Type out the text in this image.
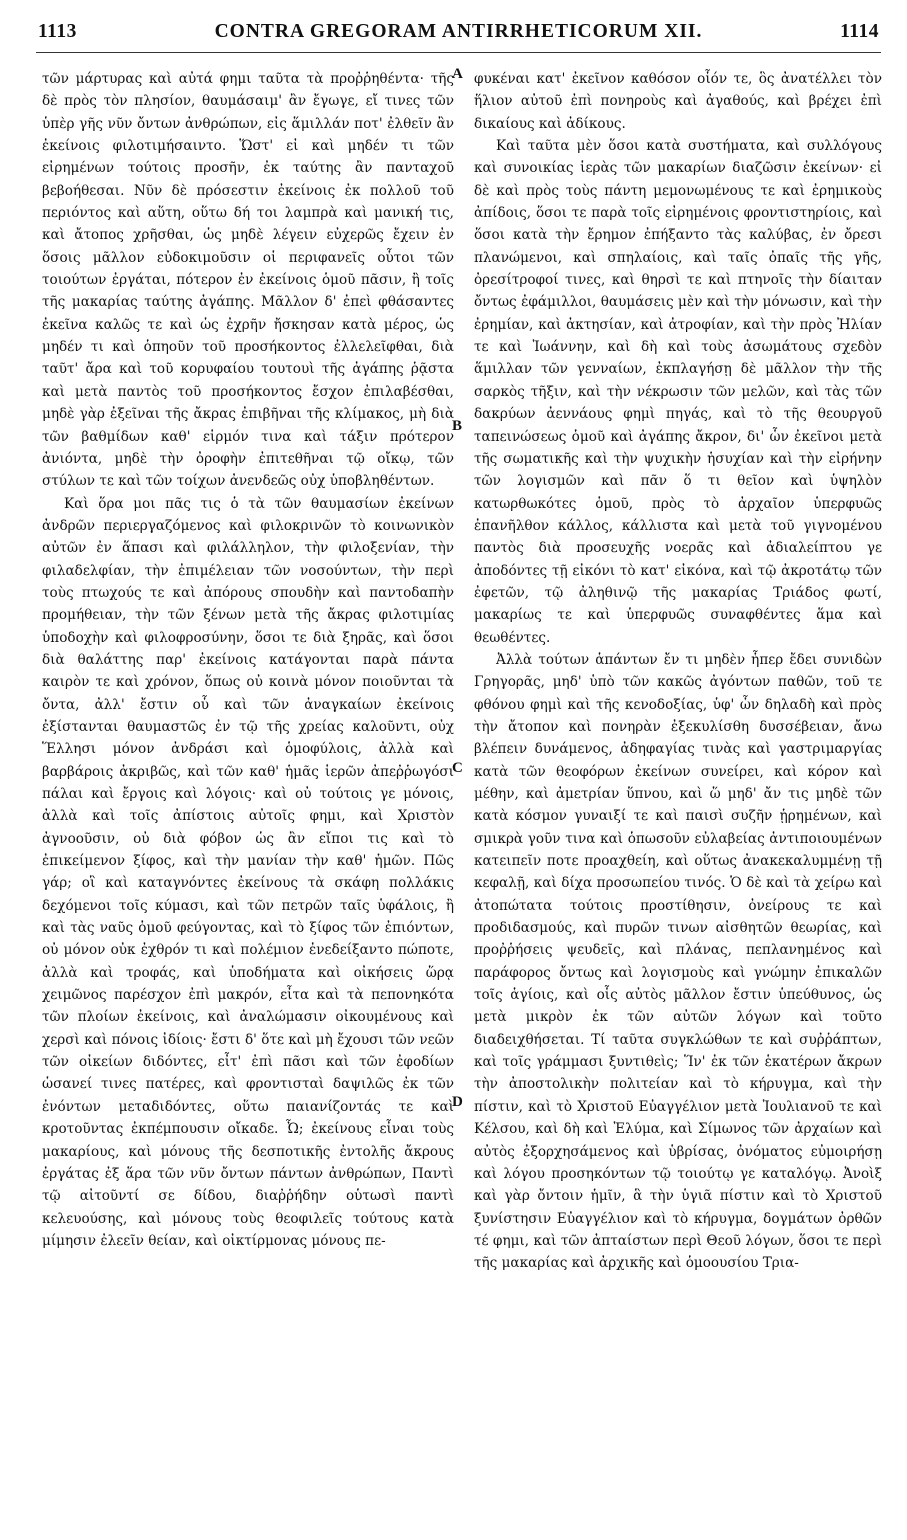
1113	CONTRA GREGORAM ANTIRRHETICORUM XII.	1114

τῶν μάρτυρας καὶ αὐτά φημι ταῦτα τὰ προῤῥηθέντα· τῆς δὲ πρὸς τὸν πλησίον, θαυμάσαιμ' ἂν ἔγωγε, εἴ τινες τῶν ὑπὲρ γῆς νῦν ὄντων ἀνθρώπων, εἰς ἅμιλλάν ποτ' ἐλθεῖν ἂν ἐκείνοις φιλοτιμήσαιντο. Ὥστ' εἰ καὶ μηδέν τι τῶν εἰρημένων τούτοις προσῆν, ἐκ ταύτης ἂν πανταχοῦ βεβοήθεσαι. Νῦν δὲ πρόσεστιν ἐκείνοις ἐκ πολλοῦ τοῦ περιόντος καὶ αὕτη, οὕτω δή τοι λαμπρὰ καὶ μανική τις, καὶ ἄτοπος χρῆσθαι, ὡς μηδὲ λέγειν εὐχερῶς ἔχειν ἐν ὅσοις μᾶλλον εὐδοκιμοῦσιν οἱ περιφανεῖς οὗτοι τῶν τοιούτων ἐργάται, πότερον ἐν ἐκείνοις ὁμοῦ πᾶσιν, ἢ τοῖς τῆς μακαρίας ταύτης ἀγάπης. Μᾶλλον δ' ἐπεὶ φθάσαντες ἐκεῖνα καλῶς τε καὶ ὡς ἐχρῆν ἤσκησαν κατὰ μέρος, ὡς μηδέν τι καὶ ὁπηοῦν τοῦ προσήκοντος ἐλλελεῖφθαι, διὰ ταῦτ' ἄρα καὶ τοῦ κορυφαίου τουτουὶ τῆς ἀγάπης ῥᾷστα καὶ μετὰ παντὸς τοῦ προσήκοντος ἔσχον ἐπιλαβέσθαι, μηδὲ γὰρ ἐξεῖναι τῆς ἄκρας ἐπιβῆναι τῆς κλίμακος, μὴ διὰ τῶν βαθμίδων καθ' εἱρμόν τινα καὶ τάξιν πρότερον ἀνιόντα, μηδὲ τὴν ὀροφὴν ἐπιτεθῆναι τῷ οἴκῳ, τῶν στύλων τε καὶ τῶν τοίχων ἀνενδεῶς οὐχ ὑποβληθέντων.

Καὶ ὅρα μοι πᾶς τις ὁ τὰ τῶν θαυμασίων ἐκείνων ἀνδρῶν περιεργαζόμενος καὶ φιλοκρινῶν τὸ κοινωνικὸν αὐτῶν ἐν ἅπασι καὶ φιλάλληλον, τὴν φιλοξενίαν, τὴν φιλαδελφίαν, τὴν ἐπιμέλειαν τῶν νοσούντων, τὴν περὶ τοὺς πτωχούς τε καὶ ἀπόρους σπουδὴν καὶ παντοδαπὴν προμήθειαν, τὴν τῶν ξένων μετὰ τῆς ἄκρας φιλοτιμίας ὑποδοχὴν καὶ φιλοφροσύνην, ὅσοι τε διὰ ξηρᾶς, καὶ ὅσοι διὰ θαλάττης παρ' ἐκείνοις κατάγονται παρὰ πάντα καιρὸν τε καὶ χρόνον, ὅπως οὐ κοινὰ μόνον ποιοῦνται τὰ ὄντα, ἀλλ' ἔστιν οὗ καὶ τῶν ἀναγκαίων ἐκείνοις ἐξίστανται θαυμαστῶς ἐν τῷ τῆς χρείας καλοῦντι, οὐχ Ἕλλησι μόνον ἀνδράσι καὶ ὁμοφύλοις, ἀλλὰ καὶ βαρβάροις ἀκριβῶς, καὶ τῶν καθ' ἡμᾶς ἱερῶν ἀπεῤῥωγόσι πάλαι καὶ ἔργοις καὶ λόγοις· καὶ οὐ τούτοις γε μόνοις, ἀλλὰ καὶ τοῖς ἀπίστοις αὐτοῖς φημι, καὶ Χριστὸν ἀγνοοῦσιν, οὐ διὰ φόβον ὡς ἂν εἴποι τις καὶ τὸ ἐπικείμενον ξίφος, καὶ τὴν μανίαν τὴν καθ' ἡμῶν. Πῶς γάρ; οἳ καὶ καταγνόντες ἐκείνους τὰ σκάφη πολλάκις δεχόμενοι τοῖς κύμασι, καὶ τῶν πετρῶν ταῖς ὑφάλοις, ἢ καὶ τὰς ναῦς ὁμοῦ φεύγοντας, καὶ τὸ ξίφος τῶν ἐπιόντων, οὐ μόνον οὐκ ἐχθρόν τι καὶ πολέμιον ἐνεδείξαντο πώποτε, ἀλλὰ καὶ τροφάς, καὶ ὑποδήματα καὶ οἰκήσεις ὥρᾳ χειμῶνος παρέσχον ἐπὶ μακρόν, εἶτα καὶ τὰ πεπονηκότα τῶν πλοίων ἐκείνοις, καὶ ἀναλώμασιν οἰκουμένους καὶ χερσὶ καὶ πόνοις ἰδίοις· ἔστι δ' ὅτε καὶ μὴ ἔχουσι τῶν νεῶν τῶν οἰκείων διδόντες, εἶτ' ἐπὶ πᾶσι καὶ τῶν ἐφοδίων ὡσανεί τινες πατέρες, καὶ φροντισταὶ δαψιλῶς ἐκ τῶν ἐνόντων μεταδιδόντες, οὕτω παιανίζοντάς τε καὶ κροτοῦντας ἐκπέμπουσιν οἴκαδε. Ὦ; ἐκείνους εἶναι τοὺς μακαρίους, καὶ μόνους τῆς δεσποτικῆς ἐντολῆς ἄκρους ἐργάτας ἐξ ἅρα τῶν νῦν ὄντων πάντων ἀνθρώπων, Παντὶ τῷ αἰτοῦντί σε δίδου, διαῤῥήδην οὑτωσὶ παντὶ κελευούσης, καὶ μόνους τοὺς θεοφιλεῖς τούτους κατὰ μίμησιν ἐλεεῖν θείαν, καὶ οἰκτίρμονας μόνους πε-

φυκέναι κατ' ἐκεῖνον καθόσον οἷόν τε, ὃς ἀνατέλλει τὸν ἥλιον αὐτοῦ ἐπὶ πονηροὺς καὶ ἀγαθούς, καὶ βρέχει ἐπὶ δικαίους καὶ ἀδίκους.

Καὶ ταῦτα μὲν ὅσοι κατὰ συστήματα, καὶ συλλόγους καὶ συνοικίας ἱερὰς τῶν μακαρίων διαζῶσιν ἐκείνων· εἰ δὲ καὶ πρὸς τοὺς πάντη μεμονωμένους τε καὶ ἐρημικοὺς ἀπίδοις, ὅσοι τε παρὰ τοῖς εἰρημένοις φροντιστηρίοις, καὶ ὅσοι κατὰ τὴν ἔρημον ἐπήξαντο τὰς καλύβας, ἐν ὄρεσι πλανώμενοι, καὶ σπηλαίοις, καὶ ταῖς ὀπαῖς τῆς γῆς, ὀρεσίτροφοί τινες, καὶ θηρσὶ τε καὶ πτηνοῖς τὴν δίαιταν ὄντως ἐφάμιλλοι, θαυμάσεις μὲν καὶ τὴν μόνωσιν, καὶ τὴν ἐρημίαν, καὶ ἀκτησίαν, καὶ ἀτροφίαν, καὶ τὴν πρὸς Ἠλίαν τε καὶ Ἰωάννην, καὶ δὴ καὶ τοὺς ἀσωμάτους σχεδὸν ἅμιλλαν τῶν γενναίων, ἐκπλαγήσῃ δὲ μᾶλλον τὴν τῆς σαρκὸς τῆξιν, καὶ τὴν νέκρωσιν τῶν μελῶν, καὶ τὰς τῶν δακρύων ἀεννάους φημὶ πηγάς, καὶ τὸ τῆς θεουργοῦ ταπεινώσεως ὁμοῦ καὶ ἀγάπης ἄκρον, δι' ὧν ἐκεῖνοι μετὰ τῆς σωματικῆς καὶ τὴν ψυχικὴν ἡσυχίαν καὶ τὴν εἰρήνην τῶν λογισμῶν καὶ πᾶν ὅ τι θεῖον καὶ ὑψηλὸν κατωρθωκότες ὁμοῦ, πρὸς τὸ ἀρχαῖον ὑπερφυῶς ἐπανῆλθον κάλλος, κάλλιστα καὶ μετὰ τοῦ γιγνομένου παντὸς διὰ προσευχῆς νοερᾶς καὶ ἀδιαλείπτου γε ἀποδόντες τῇ εἰκόνι τὸ κατ' εἰκόνα, καὶ τῷ ἀκροτάτῳ τῶν ἐφετῶν, τῷ ἀληθινῷ τῆς μακαρίας Τριάδος φωτί, μακαρίως τε καὶ ὑπερφυῶς συναφθέντες ἅμα καὶ θεωθέντες.

Ἀλλὰ τούτων ἁπάντων ἔν τι μηδὲν ἧπερ ἔδει συνιδὼν Γρηγορᾶς, μηδ' ὑπὸ τῶν κακῶς ἀγόντων παθῶν, τοῦ τε φθόνου φημὶ καὶ τῆς κενοδοξίας, ὑφ' ὧν δηλαδὴ καὶ πρὸς τὴν ἄτοπον καὶ πονηρὰν ἐξεκυλίσθη δυσσέβειαν, ἄνω βλέπειν δυνάμενος, ἀδηφαγίας τινὰς καὶ γαστριμαργίας κατὰ τῶν θεοφόρων ἐκείνων συνείρει, καὶ κόρον καὶ μέθην, καὶ ἀμετρίαν ὕπνου, καὶ ὥ μηδ' ἄν τις μηδὲ τῶν κατὰ κόσμον γυναιξί τε καὶ παισὶ συζῆν ᾑρημένων, καὶ σμικρὰ γοῦν τινα καὶ ὁπωσοῦν εὐλαβείας ἀντιποιουμένων κατειπεῖν ποτε προαχθείη, καὶ οὕτως ἀνακεκαλυμμένῃ τῇ κεφαλῇ, καὶ δίχα προσωπείου τινός. Ὁ δὲ καὶ τὰ χείρω καὶ ἀτοπώτατα τούτοις προστίθησιν, ὀνείρους τε καὶ προδιδασμούς, καὶ πυρῶν τινων αἰσθητῶν θεωρίας, καὶ προῤῥήσεις ψευδεῖς, καὶ πλάνας, πεπλανημένος καὶ παράφορος ὄντως καὶ λογισμοὺς καὶ γνώμην ἐπικαλῶν τοῖς ἁγίοις, καὶ οἷς αὐτὸς μᾶλλον ἔστιν ὑπεύθυνος, ὡς μετὰ μικρὸν ἐκ τῶν αὐτῶν λόγων καὶ τοῦτο διαδειχθήσεται. Τί ταῦτα συγκλώθων τε καὶ συῤῥάπτων, καὶ τοῖς γράμμασι ξυντιθεὶς; Ἵν' ἐκ τῶν ἑκατέρων ἄκρων τὴν ἀποστολικὴν πολιτείαν καὶ τὸ κήρυγμα, καὶ τὴν πίστιν, καὶ τὸ Χριστοῦ Εὐαγγέλιον μετὰ Ἰουλιανοῦ τε καὶ Κέλσου, καὶ δὴ καὶ Ἐλύμα, καὶ Σίμωνος τῶν ἀρχαίων καὶ αὐτὸς ἐξορχησάμενος καὶ ὑβρίσας, ὀνόματος εὐμοιρήσῃ καὶ λόγου προσηκόντων τῷ τοιούτῳ γε καταλόγῳ. Ἀνοὶξ καὶ γὰρ ὄντοιν ἡμῖν, ἃ τὴν ὑγιᾶ πίστιν καὶ τὸ Χριστοῦ ξυνίστησιν Εὐαγγέλιον καὶ τὸ κήρυγμα, δογμάτων ὀρθῶν τέ φημι, καὶ τῶν ἀπταίστων περὶ Θεοῦ λόγων, ὅσοι τε περὶ τῆς μακαρίας καὶ ἀρχικῆς καὶ ὁμοουσίου Τρια-

A
B
C
D
